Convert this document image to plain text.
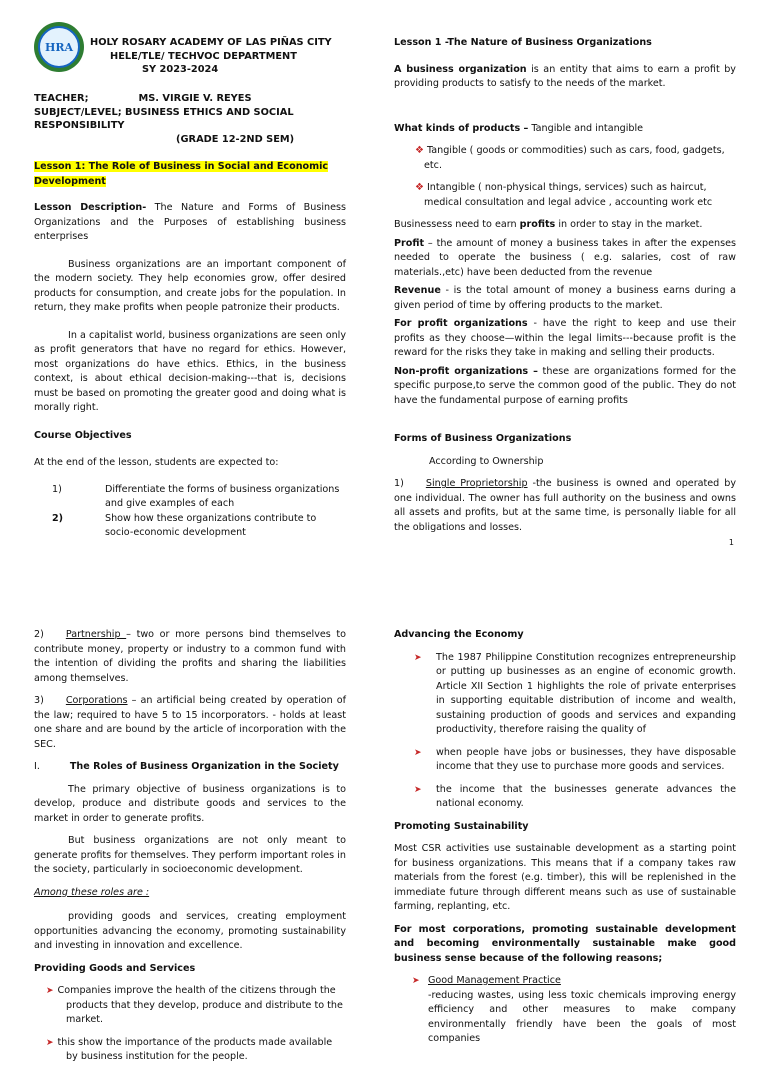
HRA	HOLY ROSARY ACADEMY OF LAS PIÑAS CITY
HELE/TLE/ TECHVOC DEPARTMENT
SY 2023-2024
TEACHER;	MS. VIRGIE V. REYES
SUBJECT/LEVEL; BUSINESS ETHICS AND SOCIAL
RESPONSIBILITY
(GRADE 12-2ND SEM)

Lesson 1: The Role of Business in Social and Economic Development

Lesson Description- The Nature and Forms of Business Organizations and the Purposes of establishing business enterprises

Business organizations are an important component of the modern society. They help economies grow, offer desired products for consumption, and create jobs for the population. In return, they make profits when people patronize their products.

In a capitalist world, business organizations are seen only as profit generators that have no regard for ethics. However, most organizations do have ethics. Ethics, in the business context, is about ethical decision-making---that is, decisions must be based on promoting the greater good and doing what is morally right.

Course Objectives

At the end of the lesson, students are expected to:

1)	Differentiate the forms of business organizations and give examples of each
2)	Show how these organizations contribute to socio-economic development

Lesson 1 -The Nature of Business Organizations

A business organization is an entity that aims to earn a profit by providing products to satisfy to the needs of the market.

What kinds of products – Tangible and intangible

❖ Tangible ( goods or commodities) such as cars, food, gadgets, etc.

❖ Intangible ( non-physical things, services) such as haircut, medical consultation and legal advice , accounting work etc

Businessess need to earn profits in order to stay in the market.

Profit – the amount of money a business takes in after the expenses needed to operate the business ( e.g. salaries, cost of raw materials.,etc) have been deducted from the revenue

Revenue - is the total amount of money a business earns during a given period of time by offering products to the market.

For profit organizations - have the right to keep and use their profits as they choose—within the legal limits---because profit is the reward for the risks they take in making and selling their products.

Non-profit organizations – these are organizations formed for the specific purpose,to serve the common good of the public. They do not have the fundamental purpose of earning profits

Forms of Business Organizations

According to Ownership

1) Single Proprietorship -the business is owned and operated by one individual. The owner has full authority on the business and owns all assets and profits, but at the same time, is personally liable for all the obligations and losses.

1

2) Partnership – two or more persons bind themselves to contribute money, property or industry to a common fund with the intention of dividing the profits and sharing the liabilities among themselves.

3) Corporations – an artificial being created by operation of the law; required to have 5 to 15 incorporators. - holds at least one share and are bound by the article of incorporation with the SEC.

I.	The Roles of Business Organization in the Society

The primary objective of business organizations is to develop, produce and distribute goods and services to the market in order to generate profits.

But business organizations are not only meant to generate profits for themselves. They perform important roles in the society, particularly in socioeconomic development.

Among these roles are :

providing goods and services, creating employment opportunities advancing the economy, promoting sustainability and investing in innovation and excellence.

Providing Goods and Services

➤ Companies improve the health of the citizens through the products that they develop, produce and distribute to the market.

➤ this show the importance of the products made available by business institution for the people.

Advancing the Economy

➤ The 1987 Philippine Constitution recognizes entrepreneurship or putting up businesses as an engine of economic growth. Article XII Section 1 highlights the role of private enterprises in supporting equitable distribution of income and wealth, sustaining production of goods and services and expanding productivity, therefore raising the quality of

➤ when people have jobs or businesses, they have disposable income that they use to purchase more goods and services.

➤ the income that the businesses generate advances the national economy.

Promoting Sustainability

Most CSR activities use sustainable development as a starting point for business organizations. This means that if a company takes raw materials from the forest (e.g. timber), this will be replenished in the immediate future through different means such as use of sustainable farming, replanting, etc.

For most corporations, promoting sustainable development and becoming environmentally sustainable make good business sense because of the following reasons;

➤ Good Management Practice

-reducing wastes, using less toxic chemicals improving energy efficiency and other measures to make company environmentally friendly have been the goals of most companies
